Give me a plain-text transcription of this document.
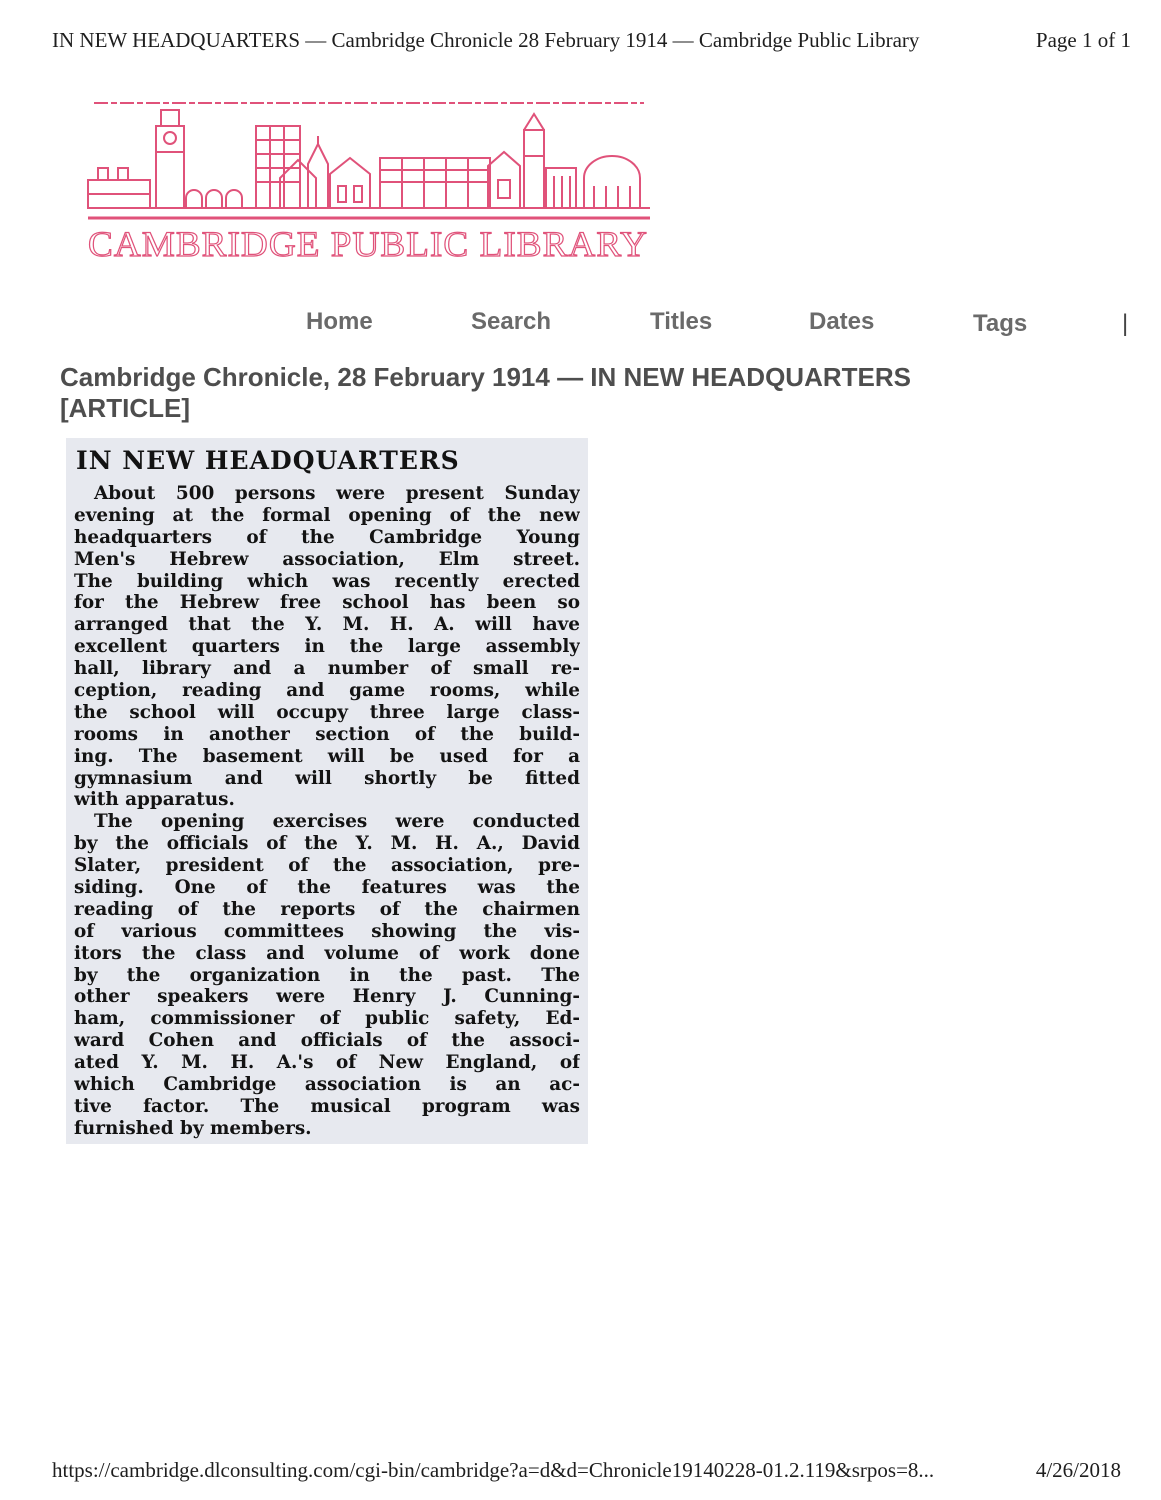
IN NEW HEADQUARTERS — Cambridge Chronicle 28 February 1914 — Cambridge Public Library	Page 1 of 1
CAMBRIDGE PUBLIC LIBRARY
Home	Search	Titles	Dates	Tags	|
Cambridge Chronicle, 28 February 1914 — IN NEW HEADQUARTERS
[ARTICLE]
IN NEW HEADQUARTERS
About 500 persons were present Sunday
evening at the formal opening of the new
headquarters of the Cambridge Young
Men's Hebrew association, Elm street.
The building which was recently erected
for the Hebrew free school has been so
arranged that the Y. M. H. A. will have
excellent quarters in the large assembly
hall, library and a number of small re-
ception, reading and game rooms, while
the school will occupy three large class-
rooms in another section of the build-
ing. The basement will be used for a
gymnasium and will shortly be fitted
with apparatus.
The opening exercises were conducted
by the officials of the Y. M. H. A., David
Slater, president of the association, pre-
siding. One of the features was the
reading of the reports of the chairmen
of various committees showing the vis-
itors the class and volume of work done
by the organization in the past. The
other speakers were Henry J. Cunning-
ham, commissioner of public safety, Ed-
ward Cohen and officials of the associ-
ated Y. M. H. A.'s of New England, of
which Cambridge association is an ac-
tive factor. The musical program was
furnished by members.
https://cambridge.dlconsulting.com/cgi-bin/cambridge?a=d&d=Chronicle19140228-01.2.119&srpos=8...	4/26/2018
